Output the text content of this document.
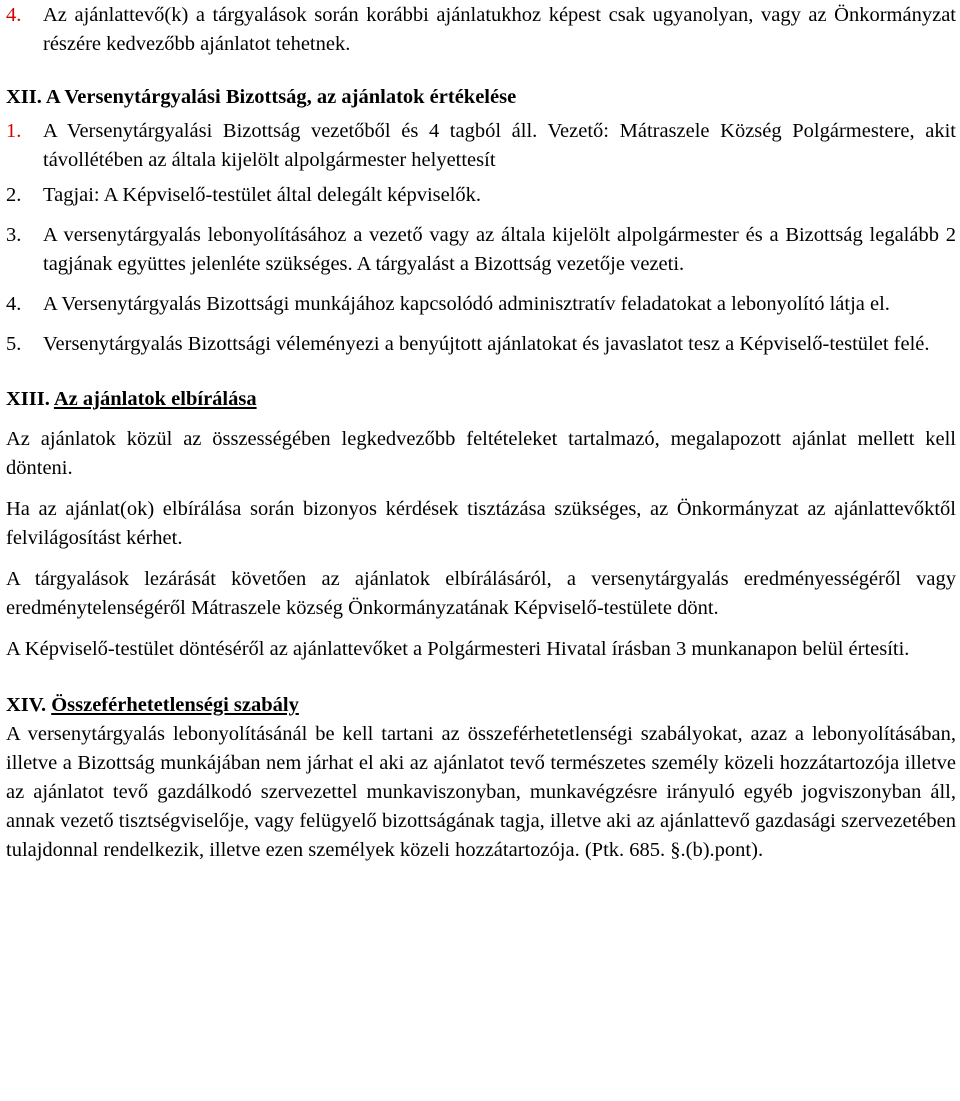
4. Az ajánlattevő(k) a tárgyalások során korábbi ajánlatukhoz képest csak ugyanolyan, vagy az Önkormányzat részére kedvezőbb ajánlatot tehetnek.

XII. A Versenytárgyalási Bizottság, az ajánlatok értékelése

1. A Versenytárgyalási Bizottság vezetőből és 4 tagból áll. Vezető: Mátraszele Község Polgármestere, akit távollétében az általa kijelölt alpolgármester helyettesít
2. Tagjai: A Képviselő-testület által delegált képviselők.
3. A versenytárgyalás lebonyolításához a vezető vagy az általa kijelölt alpolgármester és a Bizottság legalább 2 tagjának együttes jelenléte szükséges. A tárgyalást a Bizottság vezetője vezeti.
4. A Versenytárgyalás Bizottsági munkájához kapcsolódó adminisztratív feladatokat a lebonyolító látja el.
5. Versenytárgyalás Bizottsági véleményezi a benyújtott ajánlatokat és javaslatot tesz a Képviselő-testület felé.

XIII. Az ajánlatok elbírálása

Az ajánlatok közül az összességében legkedvezőbb feltételeket tartalmazó, megalapozott ajánlat mellett kell dönteni.

Ha az ajánlat(ok) elbírálása során bizonyos kérdések tisztázása szükséges, az Önkormányzat az ajánlattevőktől felvilágosítást kérhet.

A tárgyalások lezárását követően az ajánlatok elbírálásáról, a versenytárgyalás eredményességéről vagy eredménytelenségéről Mátraszele község Önkormányzatának Képviselő-testülete dönt.

A Képviselő-testület döntéséről az ajánlattevőket a Polgármesteri Hivatal írásban 3 munkanapon belül értesíti.

XIV. Összeférhetetlenségi szabály

A versenytárgyalás lebonyolításánál be kell tartani az összeférhetetlenségi szabályokat, azaz a lebonyolításában, illetve a Bizottság munkájában nem járhat el aki az ajánlatot tevő természetes személy közeli hozzátartozója illetve az ajánlatot tevő gazdálkodó szervezettel munkaviszonyban, munkavégzésre irányuló egyéb jogviszonyban áll, annak vezető tisztségviselője, vagy felügyelő bizottságának tagja, illetve aki az ajánlattevő gazdasági szervezetében tulajdonnal rendelkezik, illetve ezen személyek közeli hozzátartozója. (Ptk. 685. §.(b).pont).
